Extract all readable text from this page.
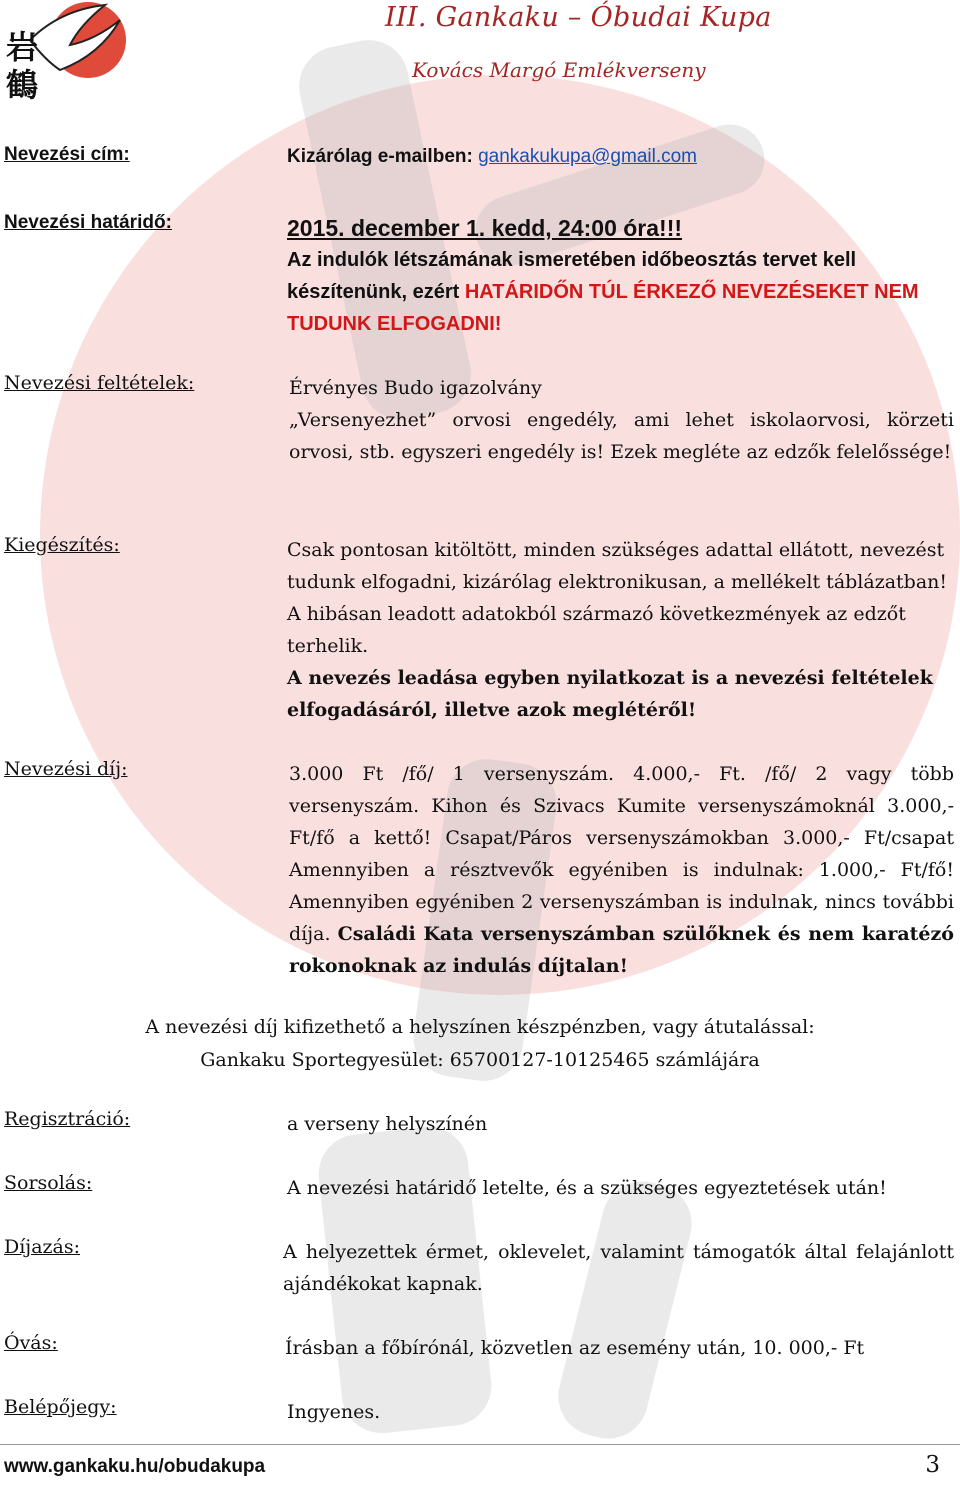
岩
鶴
III. Gankaku – Óbudai Kupa
Kovács Margó Emlékverseny
Nevezési cím:	Kizárólag e-mailben: gankakukupa@gmail.com
Nevezési határidő:	2015. december 1. kedd, 24:00 óra!!!
Az indulók létszámának ismeretében időbeosztás tervet kell készítenünk, ezért HATÁRIDŐN TÚL ÉRKEZŐ NEVEZÉSEKET NEM TUDUNK ELFOGADNI!
Nevezési feltételek:	Érvényes Budo igazolvány
„Versenyezhet” orvosi engedély, ami lehet iskolaorvosi, körzeti orvosi, stb. egyszeri engedély is! Ezek megléte az edzők felelőssége!
Kiegészítés:	Csak pontosan kitöltött, minden szükséges adattal ellátott, nevezést tudunk elfogadni, kizárólag elektronikusan, a mellékelt táblázatban! A hibásan leadott adatokból származó következmények az edzőt terhelik.
A nevezés leadása egyben nyilatkozat is a nevezési feltételek elfogadásáról, illetve azok meglétéről!
Nevezési díj:	3.000 Ft /fő/ 1 versenyszám. 4.000,- Ft. /fő/ 2 vagy több versenyszám. Kihon és Szivacs Kumite versenyszámoknál 3.000,- Ft/fő a kettő! Csapat/Páros versenyszámokban 3.000,- Ft/csapat Amennyiben a résztvevők egyéniben is indulnak: 1.000,- Ft/fő! Amennyiben egyéniben 2 versenyszámban is indulnak, nincs további díja. Családi Kata versenyszámban szülőknek és nem karatézó rokonoknak az indulás díjtalan!
A nevezési díj kifizethető a helyszínen készpénzben, vagy átutalással:
Gankaku Sportegyesület: 65700127-10125465 számlájára
Regisztráció:	a verseny helyszínén
Sorsolás:	A nevezési határidő letelte, és a szükséges egyeztetések után!
Díjazás:	A helyezettek érmet, oklevelet, valamint támogatók által felajánlott ajándékokat kapnak.
Óvás:	Írásban a főbírónál, közvetlen az esemény után, 10. 000,- Ft
Belépőjegy:	Ingyenes.
www.gankaku.hu/obudakupa	3
